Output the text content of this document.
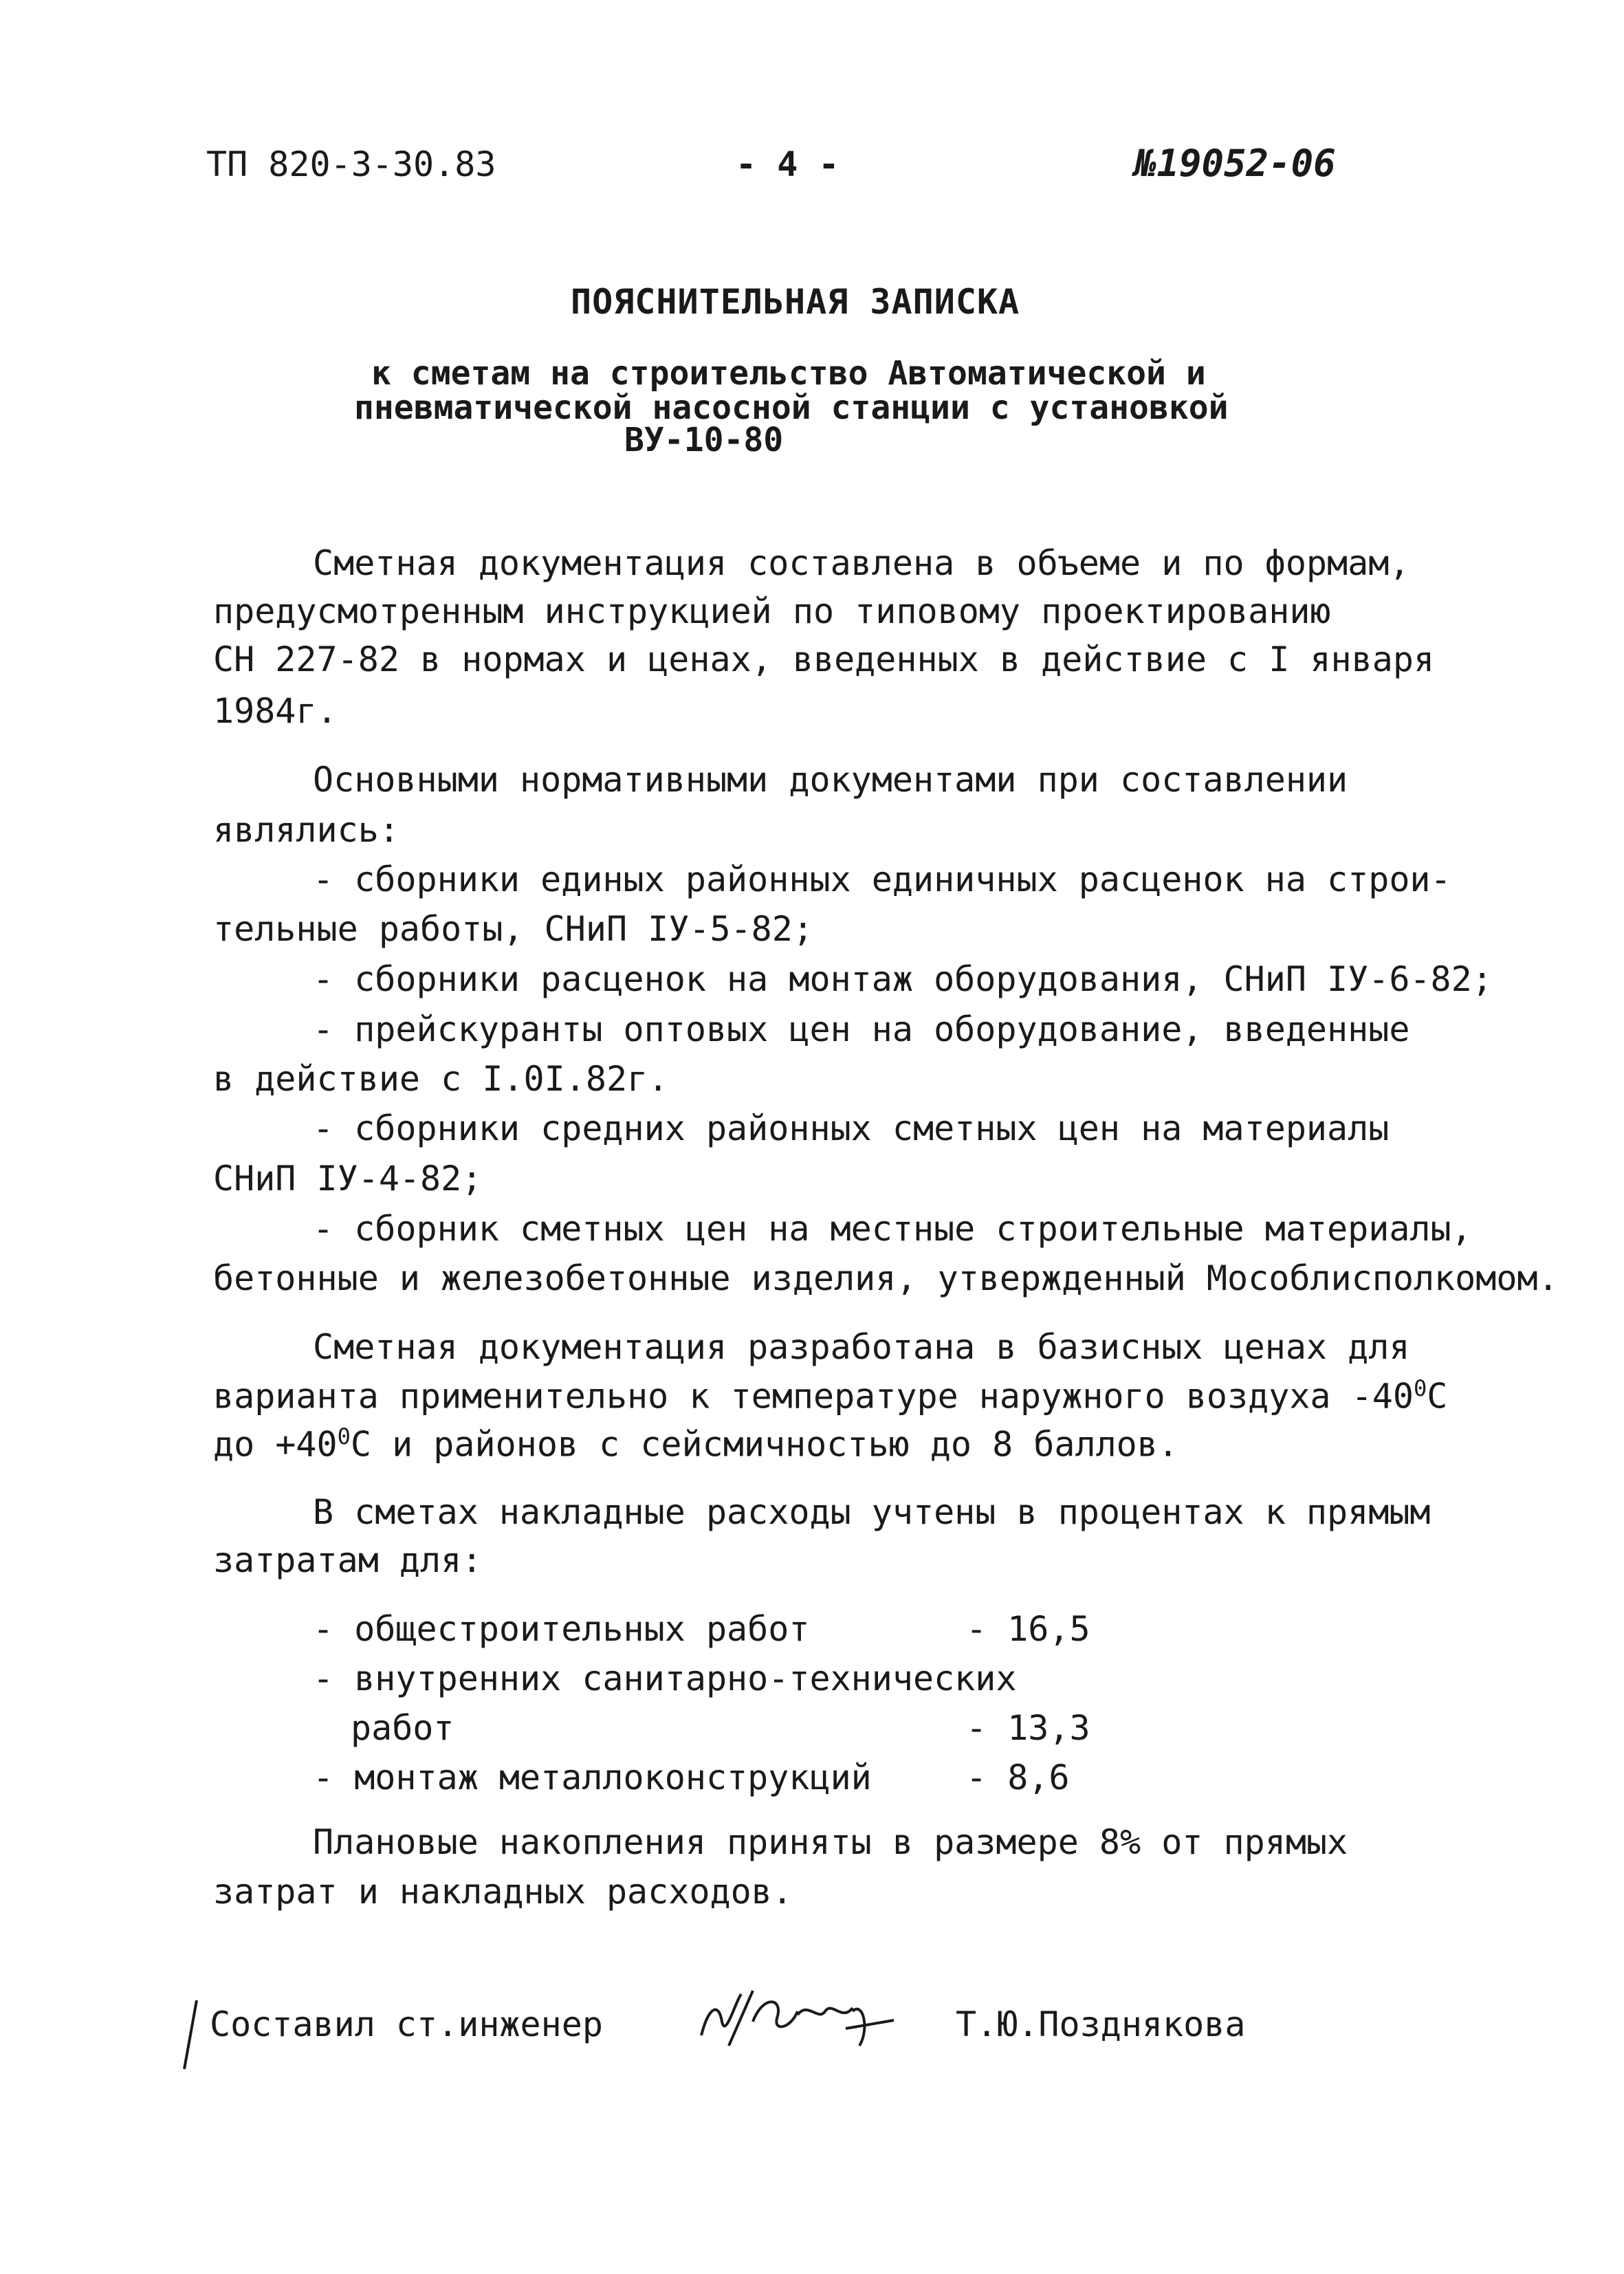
ТП 820-3-30.83	- 4 -	№19052-06
ПОЯСНИТЕЛЬНАЯ ЗАПИСКА
к сметам на строительство Автоматической и
пневматической насосной станции с установкой
ВУ-10-80
Сметная документация составлена в объеме и по формам,
предусмотренным инструкцией по типовому проектированию
СН 227-82 в нормах и ценах, введенных в действие с I января
1984г.
Основными нормативными документами при составлении
являлись:
- сборники единых районных единичных расценок на строи-
тельные работы, СНиП IУ-5-82;
- сборники расценок на монтаж оборудования, СНиП IУ-6-82;
- прейскуранты оптовых цен на оборудование, введенные
в действие с I.0I.82г.
- сборники средних районных сметных цен на материалы
СНиП IУ-4-82;
- сборник сметных цен на местные строительные материалы,
бетонные и железобетонные изделия, утвержденный Мособлисполкомом.
Сметная документация разработана в базисных ценах для
варианта применительно к температуре наружного воздуха $-40^0С$
до $+40^0С$ и районов с сейсмичностью до 8 баллов.
В сметах накладные расходы учтены в процентах к прямым
затратам для:
- общестроительных работ	- 16,5
- внутренних санитарно-технических
работ	- 13,3
- монтаж металлоконструкций	- 8,6
Плановые накопления приняты в размере 8% от прямых
затрат и накладных расходов.
Составил ст.инженер	Т.Ю.Позднякова
